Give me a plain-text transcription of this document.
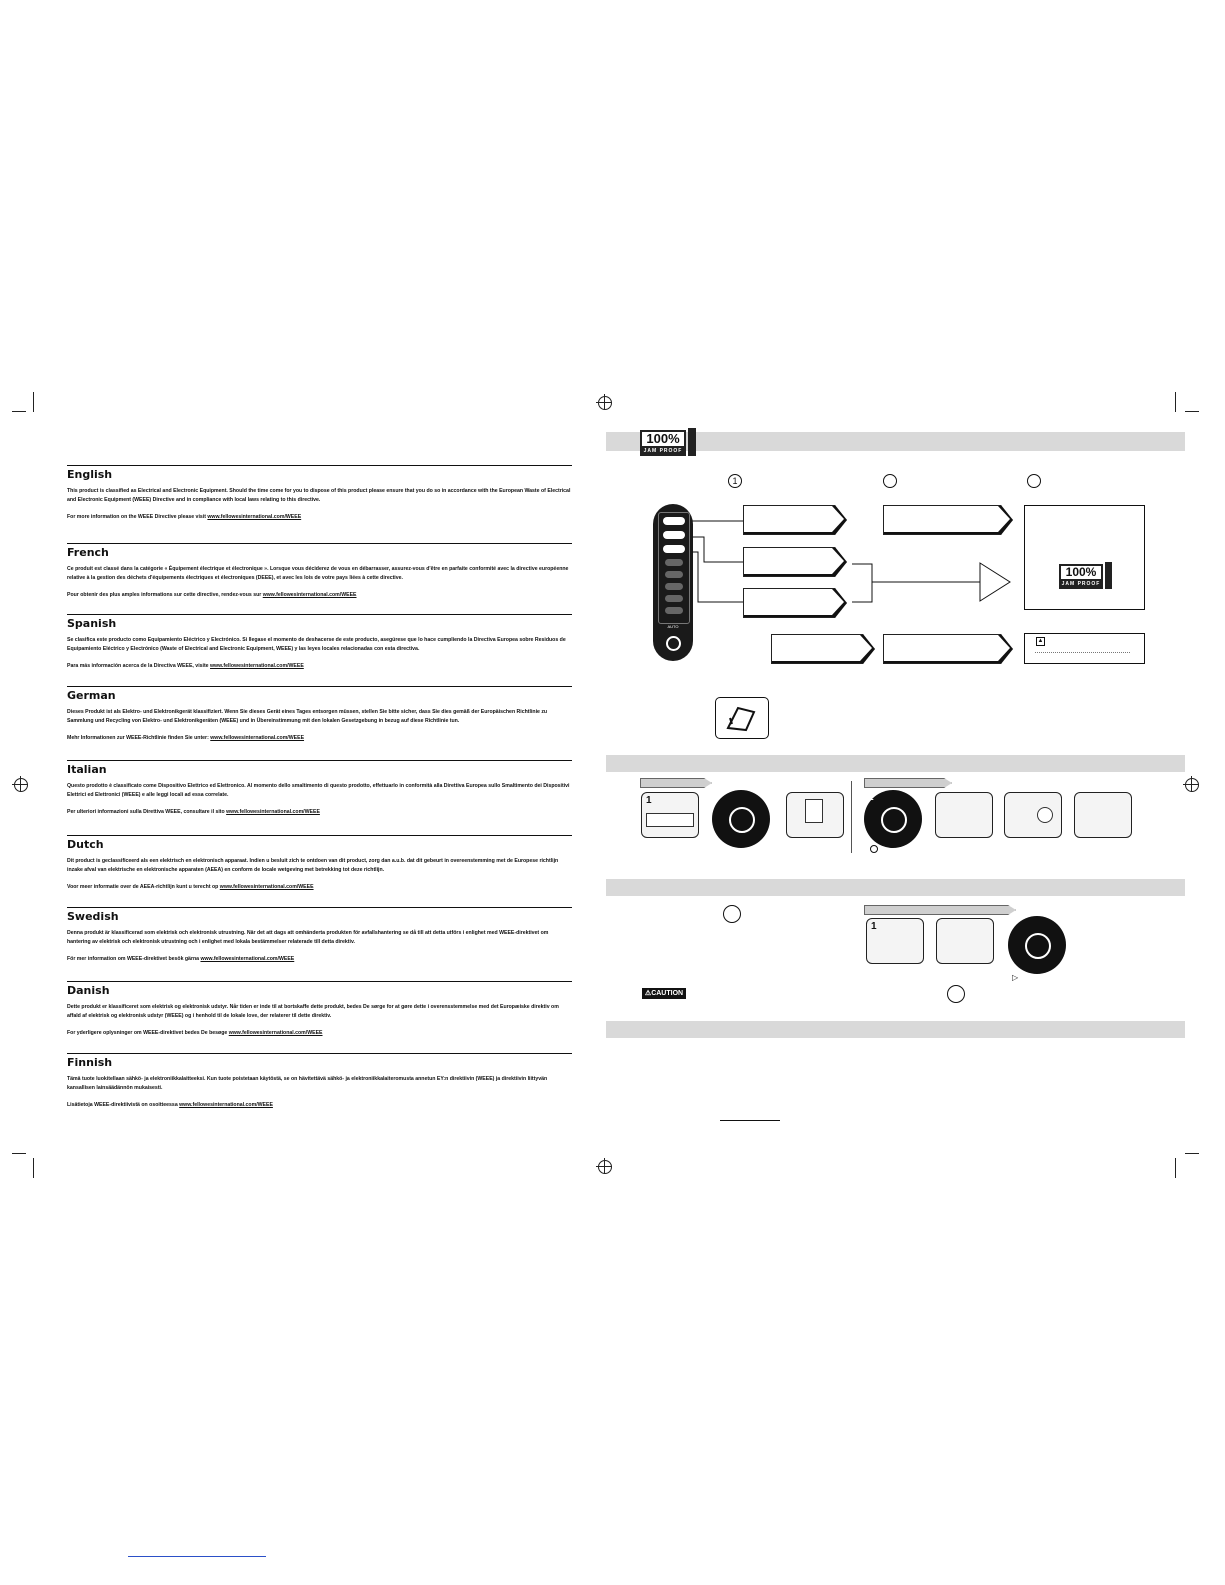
English

This product is classified as Electrical and Electronic Equipment. Should the time come for you to dispose of this product please ensure that you do so in accordance with the European Waste of Electrical and Electronic Equipment (WEEE) Directive and in compliance with local laws relating to this directive.

For more information on the WEEE Directive please visit www.fellowesinternational.com/WEEE

French

Ce produit est classé dans la catégorie « Équipement électrique et électronique ». Lorsque vous déciderez de vous en débarrasser, assurez-vous d'être en parfaite conformité avec la directive européenne relative à la gestion des déchets d'équipements électriques et électroniques (DEEE), et avec les lois de votre pays liées à cette directive.

Pour obtenir des plus amples informations sur cette directive, rendez-vous sur www.fellowesinternational.com/WEEE

Spanish

Se clasifica este producto como Equipamiento Eléctrico y Electrónico. Si llegase el momento de deshacerse de este producto, asegúrese que lo hace cumpliendo la Directiva Europea sobre Residuos de Equipamiento Eléctrico y Electrónico (Waste of Electrical and Electronic Equipment, WEEE) y las leyes locales relacionadas con esta directiva.

Para más información acerca de la Directiva WEEE, visite www.fellowesinternational.com/WEEE

German

Dieses Produkt ist als Elektro- und Elektronikgerät klassifiziert. Wenn Sie dieses Gerät eines Tages entsorgen müssen, stellen Sie bitte sicher, dass Sie dies gemäß der Europäischen Richtlinie zu Sammlung und Recycling von Elektro- und Elektronikgeräten (WEEE) und in Übereinstimmung mit den lokalen Gesetzgebung in bezug auf diese Richtlinie tun.

Mehr Informationen zur WEEE-Richtlinie finden Sie unter: www.fellowesinternational.com/WEEE

Italian

Questo prodotto è classificato come Dispositivo Elettrico ed Elettronico. Al momento dello smaltimento di questo prodotto, effettuarlo in conformità alla Direttiva Europea sullo Smaltimento dei Dispositivi Elettrici ed Elettronici (WEEE) e alle leggi locali ad essa correlate.

Per ulteriori informazioni sulla Direttiva WEEE, consultare il sito www.fellowesinternational.com/WEEE

Dutch

Dit product is geclassificeerd als een elektrisch en elektronisch apparaat. Indien u besluit zich te ontdoen van dit product, zorg dan a.u.b. dat dit gebeurt in overeenstemming met de Europese richtlijn inzake afval van elektrische en elektronische apparaten (AEEA) en conform de locale wetgeving met betrekking tot deze richtlijn.

Voor meer informatie over de AEEA-richtlijn kunt u terecht op www.fellowesinternational.com/WEEE

Swedish

Denna produkt är klassificerad som elektrisk och elektronisk utrustning. När det att dags att omhänderta produkten för avfallshantering se då till att detta utförs i enlighet med WEEE-direktivet om hantering av elektrisk och elektronisk utrustning och i enlighet med lokala bestämmelser relaterade till detta direktiv.

För mer information om WEEE-direktivet besök gärna www.fellowesinternational.com/WEEE

Danish

Dette produkt er klassificeret som elektrisk og elektronisk udstyr. Når tiden er inde til at bortskaffe dette produkt, bedes De sørge for at gøre dette i overensstemmelse med det Europæiske direktiv om affald af elektrisk og elektronisk udstyr (WEEE) og i henhold til de lokale love, der relaterer til dette direktiv.

For yderligere oplysninger om WEEE-direktivet bedes De besøge www.fellowesinternational.com/WEEE

Finnish

Tämä tuote luokitellaan sähkö- ja elektroniikkalaitteeksi. Kun tuote poistetaan käytöstä, se on hävitettävä sähkö- ja elektroniikkalaiteromusta annetun EY:n direktiivin (WEEE) ja direktiivin liittyvän kansallisen lainsäädännön mukaisesti.

Lisätietoja WEEE-direktiivistä on osoitteessa www.fellowesinternational.com/WEEE

100%
JAM PROOF
1
AUTO
100%
JAM PROOF
▲
1	1
1
▷
⚠CAUTION
